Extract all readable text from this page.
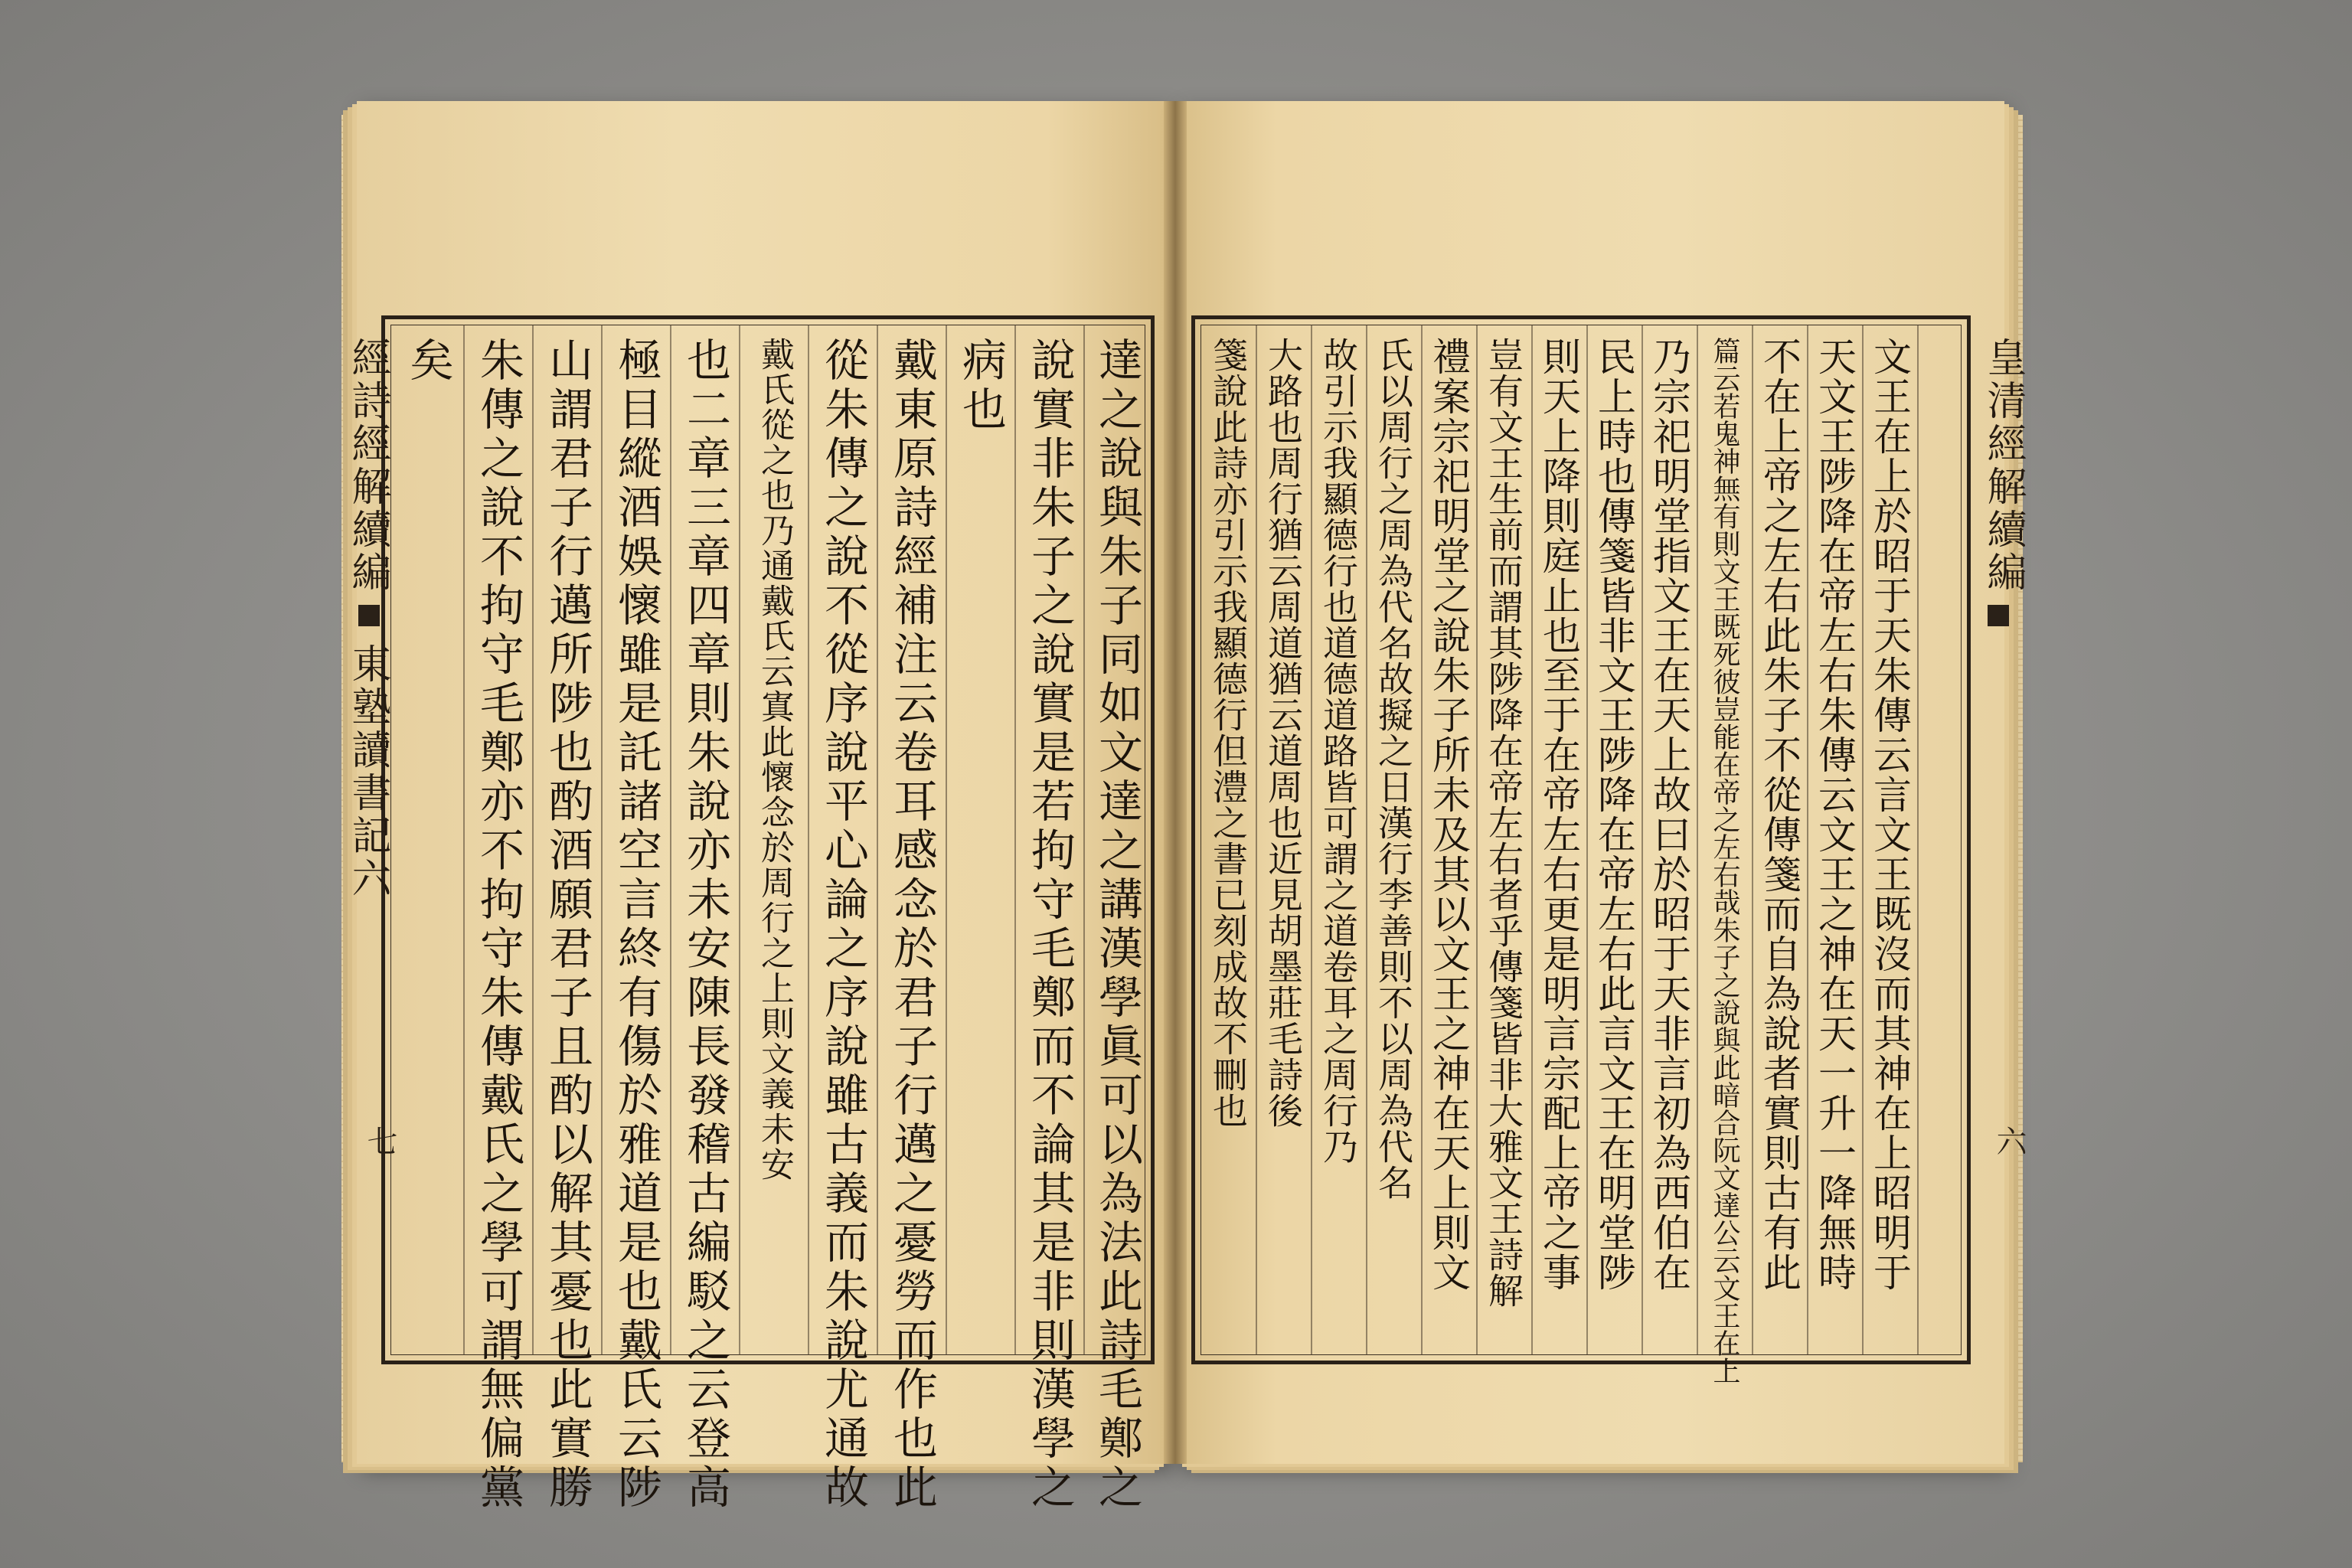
經詩經解續編
東塾讀書記六
七	達之說與朱子同如文達之講漢學眞可以為法此詩毛鄭之
說實非朱子之說實是若拘守毛鄭而不論其是非則漢學之
病也
戴東原詩經補注云卷耳感念於君子行邁之憂勞而作也此
從朱傳之說不從序說平心論之序說雖古義而朱說尤通故
戴氏從之也乃通戴氏云寘此懷念於周行之上則文義未安
也二章三章四章則朱說亦未安陳長發稽古編駁之云登高
極目縱酒娛懷雖是託諸空言終有傷於雅道是也戴氏云陟
山謂君子行邁所陟也酌酒願君子且酌以解其憂也此實勝
朱傳之說不拘守毛鄭亦不拘守朱傳戴氏之學可謂無偏黨
矣	皇清經解續編
六
文王在上於昭于天朱傳云言文王既沒而其神在上昭明于
天文王陟降在帝左右朱傳云文王之神在天一升一降無時
不在上帝之左右此朱子不從傳箋而自為說者實則古有此
篇云若鬼神無有則文王既死彼豈能在帝之左右哉朱子之說與此暗合阮文達公云文王在上
乃宗祀明堂指文王在天上故曰於昭于天非言初為西伯在
民上時也傳箋皆非文王陟降在帝左右此言文王在明堂陟
則天上降則庭止也至于在帝左右更是明言宗配上帝之事
豈有文王生前而謂其陟降在帝左右者乎傳箋皆非大雅文王詩解
禮案宗祀明堂之說朱子所未及其以文王之神在天上則文
氏以周行之周為代名故擬之日漢行李善則不以周為代名
故引示我顯德行也道德道路皆可謂之道卷耳之周行乃
大路也周行猶云周道猶云道周也近見胡墨莊毛詩後
箋說此詩亦引示我顯德行但澧之書已刻成故不刪也
